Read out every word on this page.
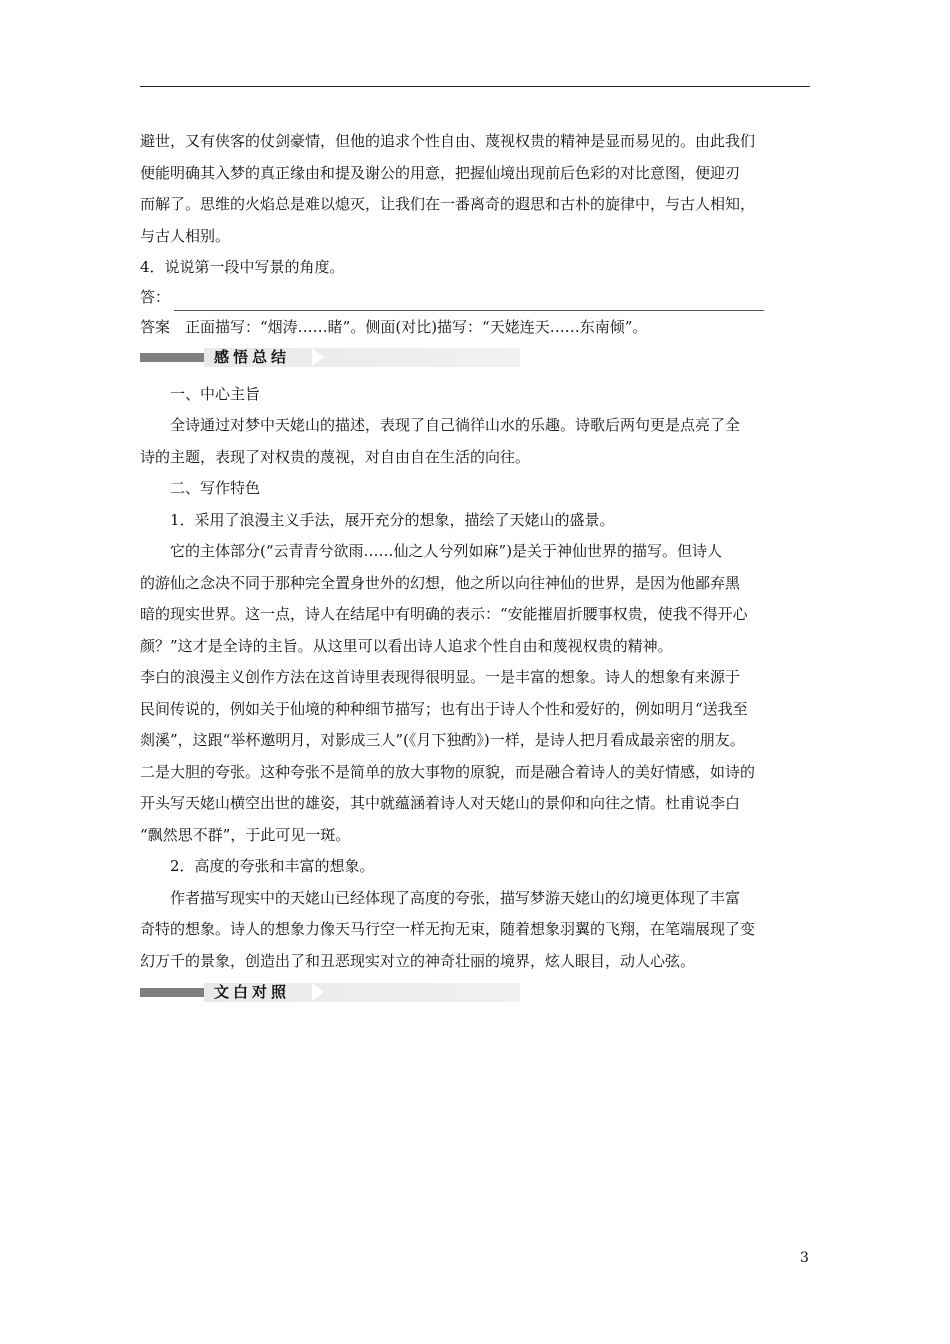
避世，又有侠客的仗剑豪情，但他的追求个性自由、蔑视权贵的精神是显而易见的。由此我们

便能明确其入梦的真正缘由和提及谢公的用意，把握仙境出现前后色彩的对比意图，便迎刃

而解了。思维的火焰总是难以熄灭，让我们在一番离奇的遐思和古朴的旋律中，与古人相知，

与古人相别。

4．说说第一段中写景的角度。

答：

答案　正面描写：“烟涛……睹”。侧面(对比)描写：“天姥连天……东南倾”。

感悟总结

一、中心主旨

全诗通过对梦中天姥山的描述，表现了自己徜徉山水的乐趣。诗歌后两句更是点亮了全

诗的主题，表现了对权贵的蔑视，对自由自在生活的向往。

二、写作特色

1．采用了浪漫主义手法，展开充分的想象，描绘了天姥山的盛景。

它的主体部分(“云青青兮欲雨……仙之人兮列如麻”)是关于神仙世界的描写。但诗人

的游仙之念决不同于那种完全置身世外的幻想，他之所以向往神仙的世界，是因为他鄙弃黑

暗的现实世界。这一点，诗人在结尾中有明确的表示：“安能摧眉折腰事权贵，使我不得开心

颜？”这才是全诗的主旨。从这里可以看出诗人追求个性自由和蔑视权贵的精神。

李白的浪漫主义创作方法在这首诗里表现得很明显。一是丰富的想象。诗人的想象有来源于

民间传说的，例如关于仙境的种种细节描写；也有出于诗人个性和爱好的，例如明月“送我至

剡溪”，这跟“举杯邀明月，对影成三人”(《月下独酌》)一样，是诗人把月看成最亲密的朋友。

二是大胆的夸张。这种夸张不是简单的放大事物的原貌，而是融合着诗人的美好情感，如诗的

开头写天姥山横空出世的雄姿，其中就蕴涵着诗人对天姥山的景仰和向往之情。杜甫说李白

“飘然思不群”，于此可见一斑。

2．高度的夸张和丰富的想象。

作者描写现实中的天姥山已经体现了高度的夸张，描写梦游天姥山的幻境更体现了丰富

奇特的想象。诗人的想象力像天马行空一样无拘无束，随着想象羽翼的飞翔，在笔端展现了变

幻万千的景象，创造出了和丑恶现实对立的神奇壮丽的境界，炫人眼目，动人心弦。

文白对照
3
